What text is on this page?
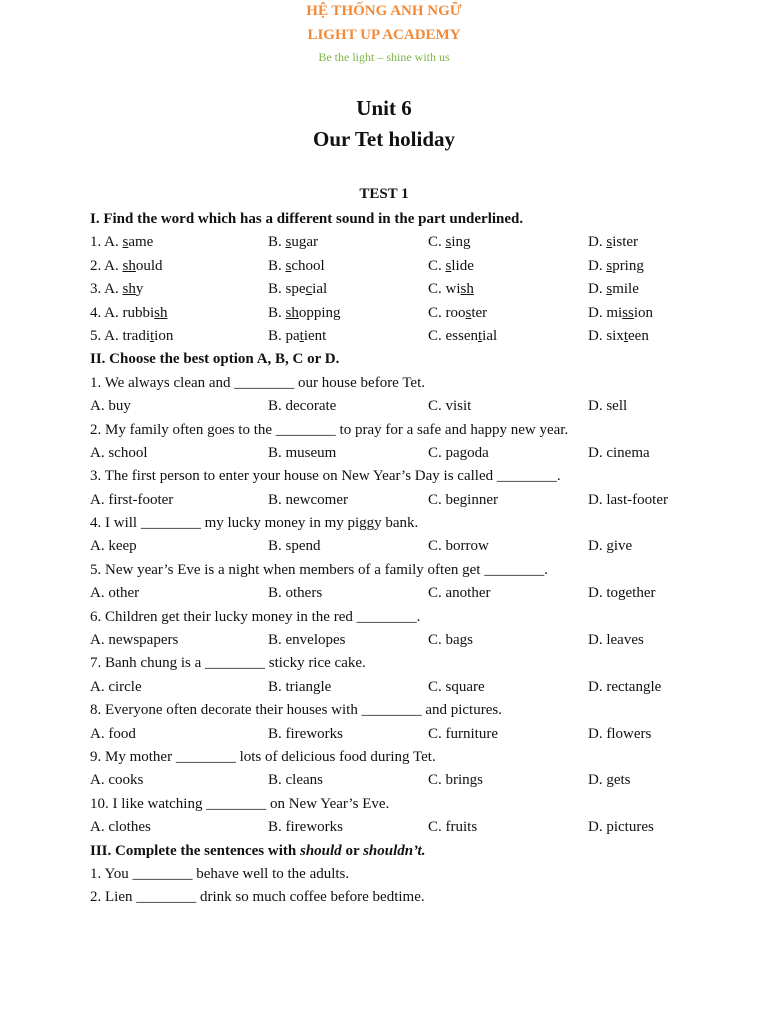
HỆ THỐNG ANH NGỮ
LIGHT UP ACADEMY
Be the light – shine with us
Unit 6
Our Tet holiday
TEST 1
I. Find the word which has a different sound in the part underlined.
1. A. same	B. sugar	C. sing	D. sister
2. A. should	B. school	C. slide	D. spring
3. A. shy	B. special	C. wish	D. smile
4. A. rubbish	B. shopping	C. rooster	D. mission
5. A. tradition	B. patient	C. essential	D. sixteen
II. Choose the best option A, B, C or D.
1. We always clean and ________ our house before Tet.
A. buy	B. decorate	C. visit	D. sell
2. My family often goes to the ________ to pray for a safe and happy new year.
A. school	B. museum	C. pagoda	D. cinema
3. The first person to enter your house on New Year’s Day is called ________.
A. first-footer	B. newcomer	C. beginner	D. last-footer
4. I will ________ my lucky money in my piggy bank.
A. keep	B. spend	C. borrow	D. give
5. New year’s Eve is a night when members of a family often get ________.
A. other	B. others	C. another	D. together
6. Children get their lucky money in the red ________.
A. newspapers	B. envelopes	C. bags	D. leaves
7. Banh chung is a ________ sticky rice cake.
A. circle	B. triangle	C. square	D. rectangle
8. Everyone often decorate their houses with ________ and pictures.
A. food	B. fireworks	C. furniture	D. flowers
9. My mother ________ lots of delicious food during Tet.
A. cooks	B. cleans	C. brings	D. gets
10. I like watching ________ on New Year’s Eve.
A. clothes	B. fireworks	C. fruits	D. pictures
III. Complete the sentences with should or shouldn’t.
1. You ________ behave well to the adults.
2. Lien ________ drink so much coffee before bedtime.
